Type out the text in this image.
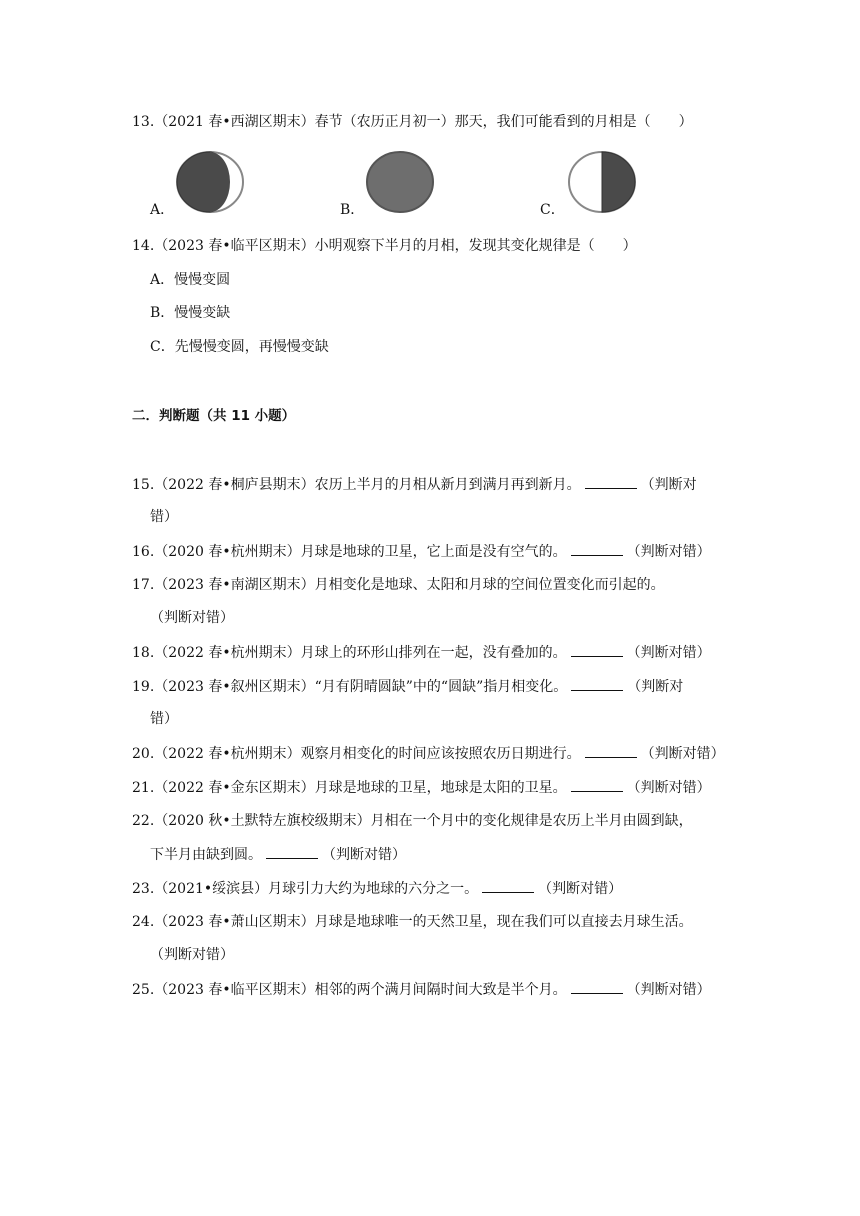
13.（2021 春•西湖区期末）春节（农历正月初一）那天，我们可能看到的月相是（　　）
A．	B．	C．
14.（2023 春•临平区期末）小明观察下半月的月相，发现其变化规律是（　　）
A．慢慢变圆
B．慢慢变缺
C．先慢慢变圆，再慢慢变缺
二．判断题（共 11 小题）
15.（2022 春•桐庐县期末）农历上半月的月相从新月到满月再到新月。	（判断对
错）
16.（2020 春•杭州期末）月球是地球的卫星，它上面是没有空气的。	（判断对错）
17.（2023 春•南湖区期末）月相变化是地球、太阳和月球的空间位置变化而引起的。
（判断对错）
18.（2022 春•杭州期末）月球上的环形山排列在一起，没有叠加的。	（判断对错）
19.（2023 春•叙州区期末）“月有阴晴圆缺”中的“圆缺”指月相变化。	（判断对
错）
20.（2022 春•杭州期末）观察月相变化的时间应该按照农历日期进行。	（判断对错）
21.（2022 春•金东区期末）月球是地球的卫星，地球是太阳的卫星。	（判断对错）
22.（2020 秋•土默特左旗校级期末）月相在一个月中的变化规律是农历上半月由圆到缺，
下半月由缺到圆。	（判断对错）
23.（2021•绥滨县）月球引力大约为地球的六分之一。	（判断对错）
24.（2023 春•萧山区期末）月球是地球唯一的天然卫星，现在我们可以直接去月球生活。
（判断对错）
25.（2023 春•临平区期末）相邻的两个满月间隔时间大致是半个月。	（判断对错）
